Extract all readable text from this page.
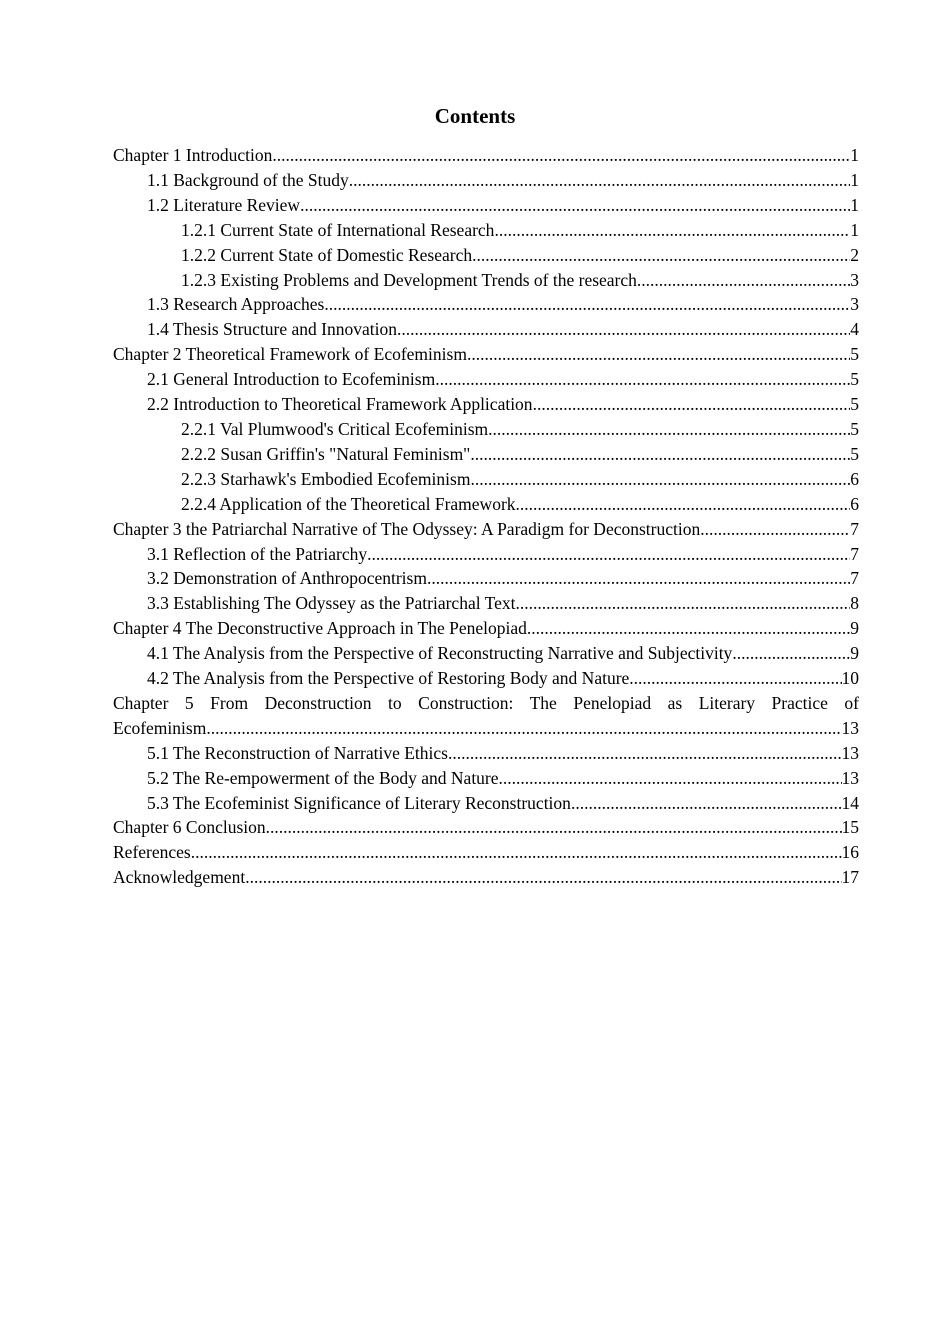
Contents
Chapter 1 Introduction .....	1
1.1 Background of the Study .....	1
1.2 Literature Review .....	1
1.2.1 Current State of International Research .....	1
1.2.2 Current State of Domestic Research .....	2
1.2.3 Existing Problems and Development Trends of the research .....	3
1.3 Research Approaches .....	3
1.4 Thesis Structure and Innovation .....	4
Chapter 2 Theoretical Framework of Ecofeminism .....	5
2.1 General Introduction to Ecofeminism .....	5
2.2 Introduction to Theoretical Framework Application .....	5
2.2.1 Val Plumwood's Critical Ecofeminism .....	5
2.2.2 Susan Griffin's "Natural Feminism" .....	5
2.2.3 Starhawk's Embodied Ecofeminism .....	6
2.2.4 Application of the Theoretical Framework .....	6
Chapter 3 the Patriarchal Narrative of The Odyssey: A Paradigm for Deconstruction .....	7
3.1 Reflection of the Patriarchy .....	7
3.2 Demonstration of Anthropocentrism .....	7
3.3 Establishing The Odyssey as the Patriarchal Text .....	8
Chapter 4 The Deconstructive Approach in The Penelopiad .....	9
4.1 The Analysis from the Perspective of Reconstructing Narrative and Subjectivity .....	9
4.2 The Analysis from the Perspective of Restoring Body and Nature .....	10
Chapter 5 From Deconstruction to Construction: The Penelopiad as Literary Practice of
Ecofeminism .....	13
5.1 The Reconstruction of Narrative Ethics .....	13
5.2 The Re-empowerment of the Body and Nature .....	13
5.3 The Ecofeminist Significance of Literary Reconstruction .....	14
Chapter 6 Conclusion .....	15
References .....	16
Acknowledgement .....	17
